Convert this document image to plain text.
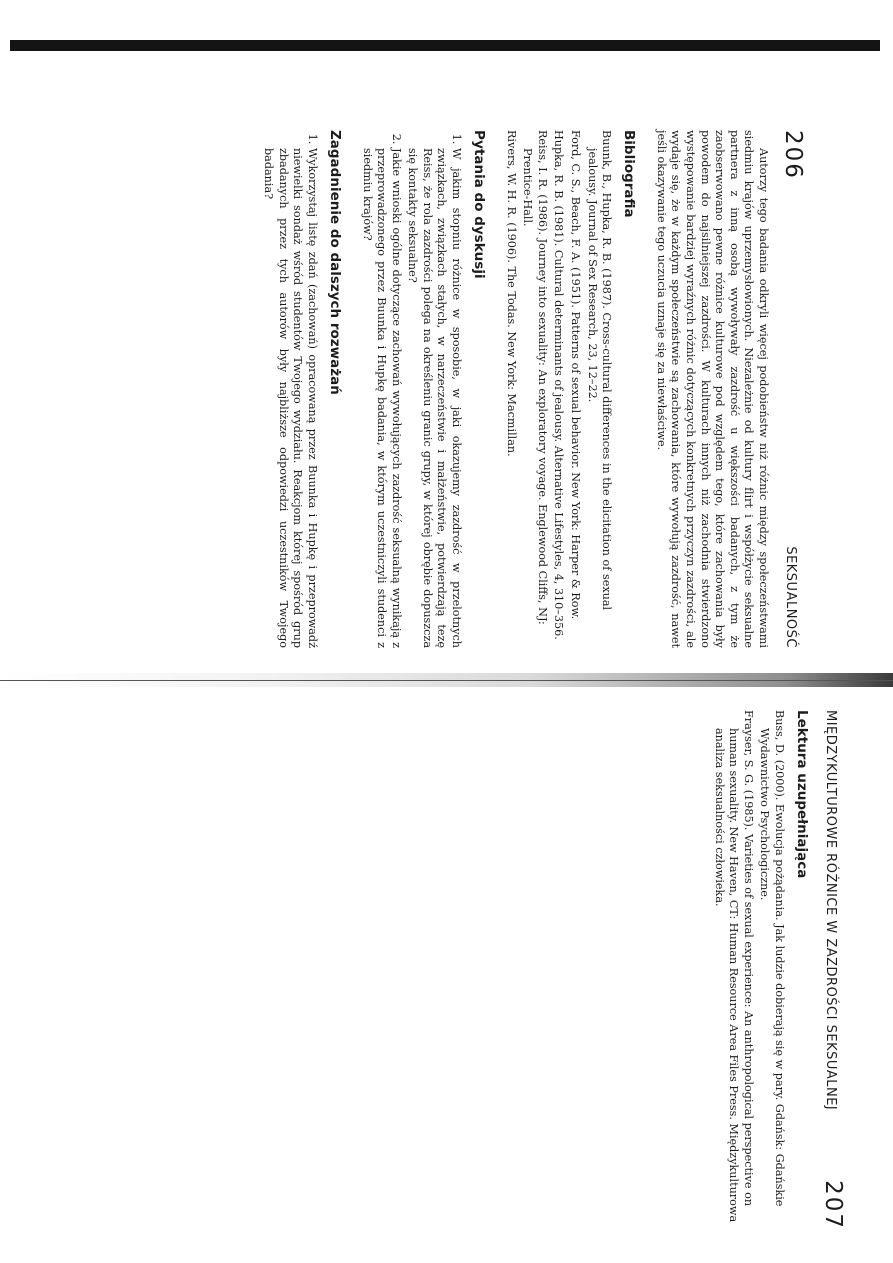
206
SEKSUALNOŚĆ

Autorzy tego badania odkryli więcej podobieństw niż różnic między społeczeństwami siedmiu krajów uprzemysłowionych. Niezależnie od kultury flirt i współżycie seksualne partnera z inną osobą wywoływały zazdrość u większości badanych, z tym że zaobserwowano pewne różnice kulturowe pod względem tego, które zachowania były powodem do najsilniejszej zazdrości. W kulturach innych niż zachodnia stwierdzono występowanie bardziej wyraźnych różnic dotyczących konkretnych przyczyn zazdrości, ale wydaje się, że w każdym społeczeństwie są zachowania, które wywołują zazdrość, nawet jeśli okazywanie tego uczucia uznaje się za niewłaściwe.

Bibliografia

Buunk, B., Hupka, R. B. (1987). Cross-cultural differences in the elicitation of sexual jealousy. Journal of Sex Research, 23, 12–22.

Ford, C. S., Beach, F. A. (1951). Patterns of sexual behavior. New York: Harper & Row.

Hupka, R. B. (1981). Cultural determinants of jealousy. Alternative Lifestyles, 4, 310–356.

Reiss, I. R. (1986). Journey into sexuality: An exploratory voyage. Englewood Cliffs, NJ: Prentice-Hall.

Rivers, W. H. R. (1906). The Todas. New York: Macmillan.

Pytania do dyskusji
1. W jakim stopniu różnice w sposobie, w jaki okazujemy zazdrość w przelotnych związkach, związkach stałych, w narzeczeństwie i małżeństwie, potwierdzają tezę Reiss, że rola zazdrości polega na określeniu granic grupy, w której obrębie dopuszcza się kontakty seksualne?
2. Jakie wnioski ogólne dotyczące zachowań wywołujących zazdrość seksualną wynikają z przeprowadzonego przez Buunka i Hupkę badania, w którym uczestniczyli studenci z siedmiu krajów?
Zagadnienie do dalszych rozważań
1. Wykorzystaj listę zdań (zachowań) opracowaną przez Buunka i Hupkę i przeprowadź niewielki sondaż wśród studentów Twojego wydziału. Reakcjom której spośród grup zbadanych przez tych autorów były najbliższe odpowiedzi uczestników Twojego badania?
MIĘDZYKULTUROWE RÓŻNICE W ZAZDROŚCI SEKSUALNEJ
207
Lektura uzupełniająca

Buss, D. (2000). Ewolucja pożądania. Jak ludzie dobierają się w pary. Gdańsk: Gdańskie Wydawnictwo Psychologiczne.

Frayser, S. G. (1985). Varieties of sexual experience: An anthropological perspective on human sexuality. New Haven, CT: Human Resource Area Files Press. Międzykulturowa analiza seksualności człowieka.
